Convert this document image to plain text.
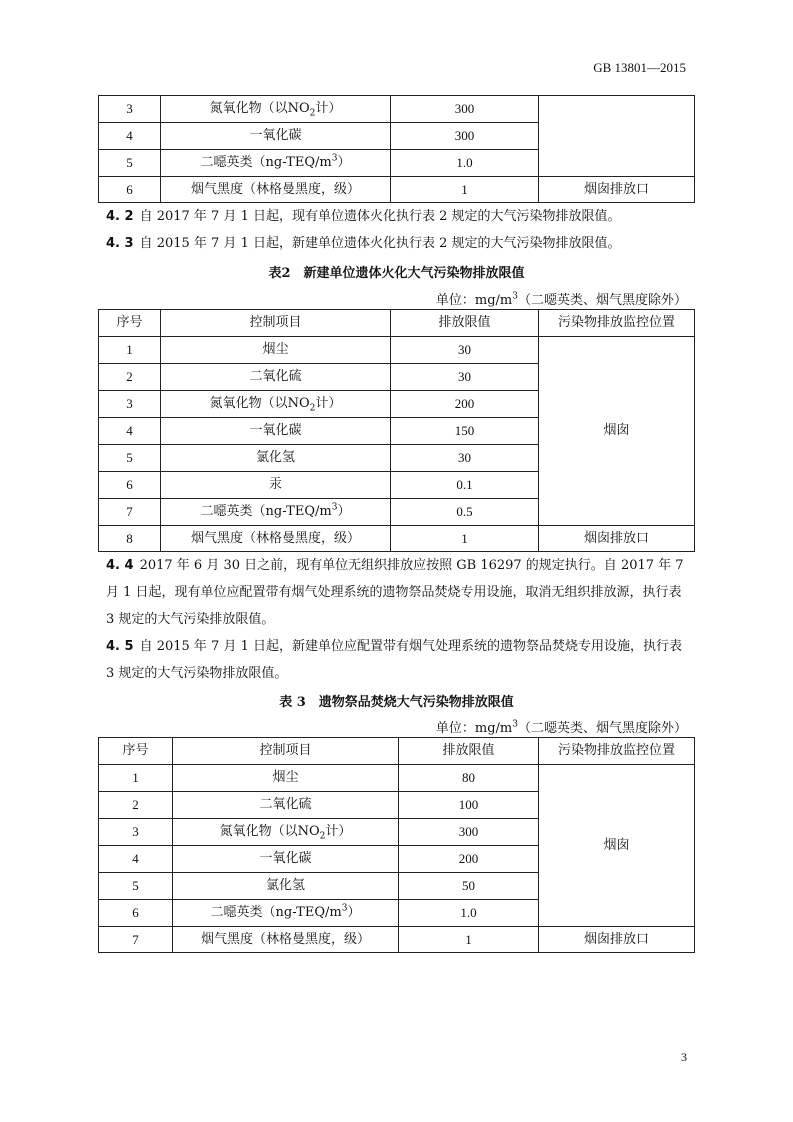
GB 13801—2015
3	氮氧化物（以$NO_2$计）	300	
4	一氧化碳	300	
5	二噁英类$(ng-TEQ/m^3)$	1.0	
6	烟气黑度（林格曼黑度，级）	1	烟囱排放口

4. 2 自 2017 年 7 月 1 日起，现有单位遗体火化执行表 2 规定的大气污染物排放限值。

4. 3 自 2015 年 7 月 1 日起，新建单位遗体火化执行表 2 规定的大气污染物排放限值。

表2　新建单位遗体火化大气污染物排放限值

单位：$mg/m^3$（二噁英类、烟气黑度除外）

序号	控制项目	排放限值	污染物排放监控位置
1	烟尘	30	烟囱
2	二氧化硫	30	
3	氮氧化物（以$NO_2$计）	200	
4	一氧化碳	150	
5	氯化氢	30	
6	汞	0.1	
7	二噁英类$(ng-TEQ/m^3)$	0.5	
8	烟气黑度（林格曼黑度，级）	1	烟囱排放口

4. 4 2017 年 6 月 30 日之前，现有单位无组织排放应按照 GB 16297 的规定执行。自 2017 年 7 月 1 日起，现有单位应配置带有烟气处理系统的遗物祭品焚烧专用设施，取消无组织排放源，执行表 3 规定的大气污染排放限值。

4. 5 自 2015 年 7 月 1 日起，新建单位应配置带有烟气处理系统的遗物祭品焚烧专用设施，执行表 3 规定的大气污染物排放限值。

表 3　遗物祭品焚烧大气污染物排放限值

单位：$mg/m^3$（二噁英类、烟气黑度除外）

序号	控制项目	排放限值	污染物排放监控位置
1	烟尘	80	烟囱
2	二氧化硫	100	
3	氮氧化物（以$NO_2$计）	300	
4	一氧化碳	200	
5	氯化氢	50	
6	二噁英类$(ng-TEQ/m^3)$	1.0	
7	烟气黑度（林格曼黑度，级）	1	烟囱排放口
3
